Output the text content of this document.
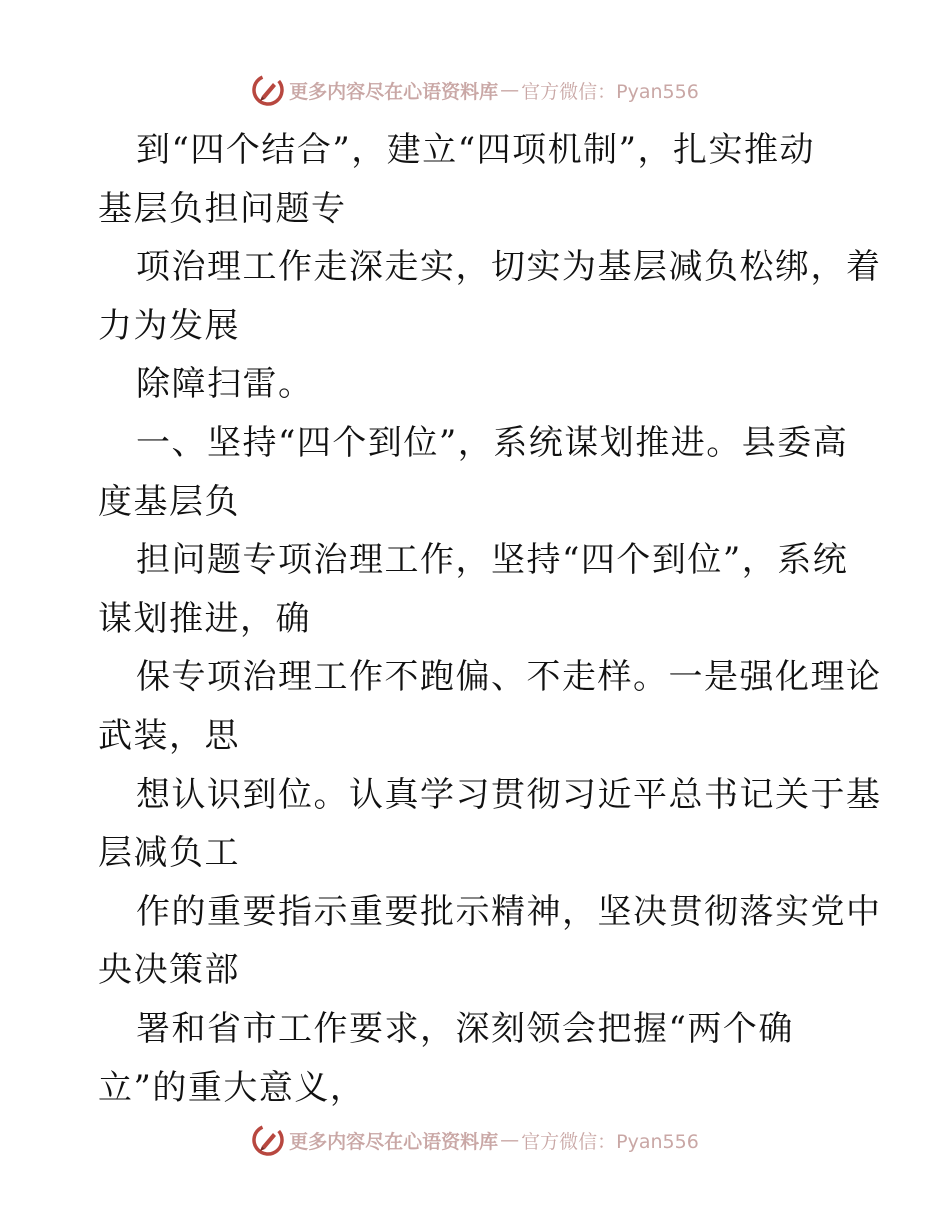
更多内容尽在心语资料库 — 官方微信：Pyan556
到“四个结合”，建立“四项机制”，扎实推动
基层负担问题专
项治理工作走深走实，切实为基层减负松绑，着
力为发展
除障扫雷。
一、坚持“四个到位”，系统谋划推进。县委高
度基层负
担问题专项治理工作，坚持“四个到位”，系统
谋划推进，确
保专项治理工作不跑偏、不走样。一是强化理论
武装，思
想认识到位。认真学习贯彻习近平总书记关于基
层减负工
作的重要指示重要批示精神，坚决贯彻落实党中
央决策部
署和省市工作要求，深刻领会把握“两个确
立”的重大意义，
更多内容尽在心语资料库 — 官方微信：Pyan556
